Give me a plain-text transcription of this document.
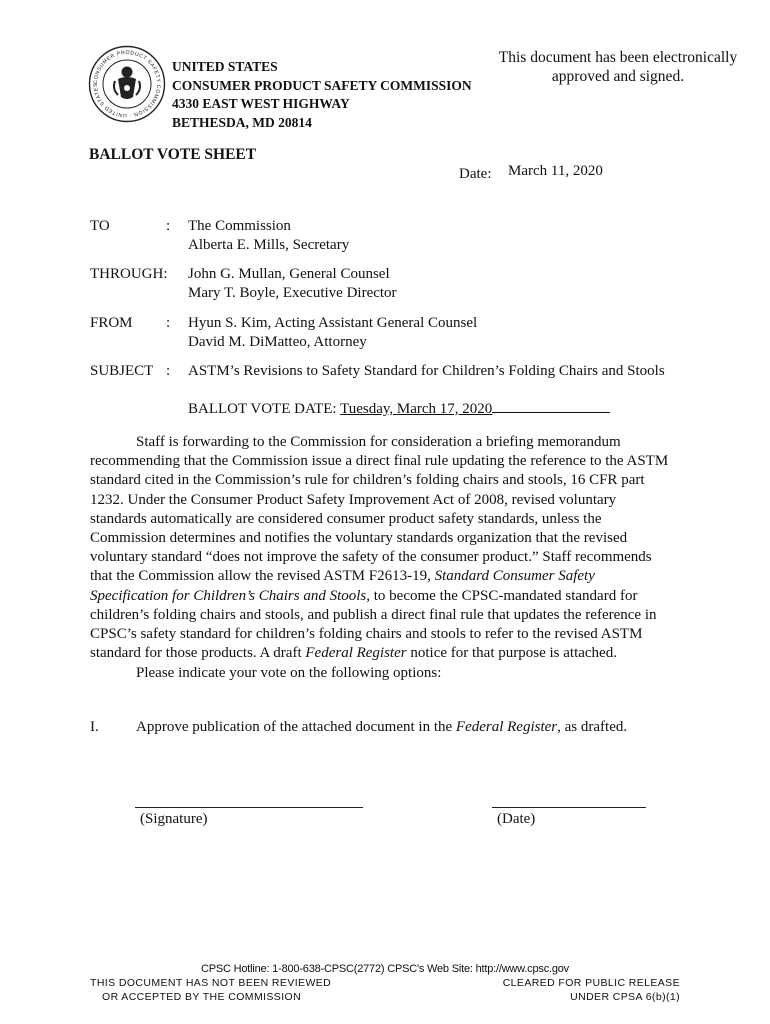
CONSUMER PRODUCT SAFETY COMMISSION · UNITED STATES
UNITED STATES
CONSUMER PRODUCT SAFETY COMMISSION
4330 EAST WEST HIGHWAY
BETHESDA, MD 20814
This document has been electronically
approved and signed.
BALLOT VOTE SHEET
Date: March 11, 2020
TO	: The Commission
Alberta E. Mills, Secretary
THROUGH: John G. Mullan, General Counsel
Mary T. Boyle, Executive Director
FROM : Hyun S. Kim, Acting Assistant General Counsel
David M. DiMatteo, Attorney
SUBJECT : ASTM’s Revisions to Safety Standard for Children’s Folding Chairs and Stools
BALLOT VOTE DATE: Tuesday, March 17, 2020
Staff is forwarding to the Commission for consideration a briefing memorandum recommending that the Commission issue a direct final rule updating the reference to the ASTM standard cited in the Commission’s rule for children’s folding chairs and stools, 16 CFR part 1232. Under the Consumer Product Safety Improvement Act of 2008, revised voluntary standards automatically are considered consumer product safety standards, unless the Commission determines and notifies the voluntary standards organization that the revised voluntary standard “does not improve the safety of the consumer product.” Staff recommends that the Commission allow the revised ASTM F2613-19, Standard Consumer Safety Specification for Children’s Chairs and Stools, to become the CPSC-mandated standard for children’s folding chairs and stools, and publish a direct final rule that updates the reference in CPSC’s safety standard for children’s folding chairs and stools to refer to the revised ASTM standard for those products. A draft Federal Register notice for that purpose is attached.
Please indicate your vote on the following options:
I. Approve publication of the attached document in the Federal Register, as drafted.
(Signature)	(Date)
CPSC Hotline: 1-800-638-CPSC(2772) CPSC's Web Site: http://www.cpsc.gov
THIS DOCUMENT HAS NOT BEEN REVIEWED
OR ACCEPTED BY THE COMMISSION
CLEARED FOR PUBLIC RELEASE
UNDER CPSA 6(b)(1)
